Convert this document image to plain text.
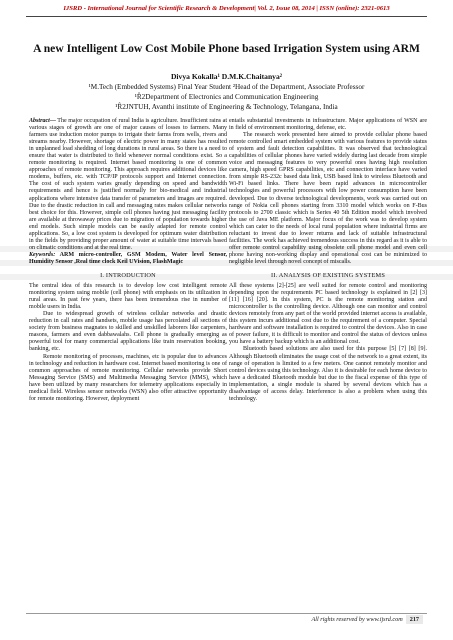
IJSRD - International Journal for Scientific Research & Development| Vol. 2, Issue 08, 2014 | ISSN (online): 2321-0613
A new Intelligent Low Cost Mobile Phone based Irrigation System using ARM
Divya Kokalla¹ D.M.K.Chaitanya²
¹M.Tech (Embedded Systems) Final Year Student ²Head of the Department, Associate Professor
¹Ȓ2Department of Electronics and Communication Engineering
¹Ȓ2JNTUH, Avanthi institute of Engineering & Technology, Telangana, India

Abstract— The major occupation of rural India is agriculture. Insufficient rains at various stages of growth are one of major causes of losses to farmers. Many farmers use induction motor pumps to irrigate their farms from wells, rivers and streams nearby. However, shortage of electric power in many states has resulted in unplanned load shedding of long durations in rural areas. So there is a need to ensure that water is distributed to field whenever normal conditions exist. So a remote monitoring is required. Internet based monitoring is one of common approaches of remote monitoring. This approach requires additional devices like modems, buffers, etc. with TCP/IP protocols support and Internet connection. The cost of such system varies greatly depending on speed and bandwidth requirements and hence is justified normally for bio-medical and industrial applications where intensive data transfer of parameters and images are required. Due to the drastic reduction in call and messaging rates makes cellular networks best choice for this. However, simple cell phones having just messaging facility are available at throwaway prices due to migration of population towards higher end models. Such simple models can be easily adapted for remote control applications. So, a low cost system is developed for optimum water distribution in the fields by providing proper amount of water at suitable time intervals based on climatic conditions and at the real time.

Keywords: ARM micro-controller, GSM Modem, Water level Sensor, Humidity Sensor ,Real time clock Keil UVision, FlashMagic

I. INTRODUCTION

The central idea of this research is to develop low cost intelligent remote monitoring system using mobile (cell phone) with emphasis on its utilization in rural areas. In past few years, there has been tremendous rise in number of mobile users in India.

Due to widespread growth of wireless cellular networks and drastic reduction in call rates and handsets, mobile usage has percolated all sections of society from business magnates to skilled and unskilled laborers like carpenters, masons, farmers and even dabbawalahs. Cell phone is gradually emerging as powerful tool for many commercial applications like train reservation booking, banking, etc.

Remote monitoring of processes, machines, etc is popular due to advances in technology and reduction in hardware cost. Internet based monitoring is one of common approaches of remote monitoring. Cellular networks provide Short Messaging Service (SMS) and Multimedia Messaging Service (MMS), which have been utilized by many researchers for telemetry applications especially in medical field. Wireless sensor networks (WSN) also offer attractive opportunity for remote monitoring. However, deployment

entails substantial investments in infrastructure. Major applications of WSN are in field of environment monitoring, defense, etc.

The research work presented here aimed to provide cellular phone based remote controlled smart embedded system with various features to provide status of system and fault detection capabilities. It was observed that technological capabilities of cellular phones have varied widely during last decade from simple voice and messaging features to very powerful ones having high resolution camera, high speed GPRS capabilities, etc and connection interface have varied from simple RS-232c based data link, USB based link to wireless Bluetooth and Wi-Fi based links. There have been rapid advances in microcontroller technologies and powerful processors with low power consumption have been developed. Due to diverse technological developments, work was carried out on range of Nokia cell phones starting from 3310 model which works on F-Bus protocols to 2700 classic which is Series 40 5th Edition model which involved the use of Java ME platform. Major focus of the work was to develop system which can cater to the needs of local rural population where industrial firms are reluctant to invest due to lower returns and lack of suitable infrastructural facilities. The work has achieved tremendous success in this regard as it is able to offer remote control capability using obsolete cell phone model and even cell phone having non-working display and operational cost can be minimized to negligible level through novel concept of miscalls.

II. ANALYSIS OF EXISTING SYSTEMS

All these systems [2]-[25] are well suited for remote control and monitoring depending upon the requirements PC based technology is explained in [2] [3] [11] [16] [20]. In this system, PC is the remote monitoring station and microcontroller is the controlling device. Although one can monitor and control devices remotely from any part of the world provided internet access is available, this system incurs additional cost due to the requirement of a computer. Special hardware and software installation is required to control the devices. Also in case of power failure, it is difficult to monitor and control the status of devices unless you have a battery backup which is an additional cost.

Bluetooth based solutions are also used for this purpose [5] [7] [8] [9]. Although Bluetooth eliminates the usage cost of the network to a great extent, its range of operation is limited to a few meters. One cannot remotely monitor and control devices using this technology. Also it is desirable for each home device to have a dedicated Bluetooth module but due to the fiscal expense of this type of implementation, a single module is shared by several devices which has a disadvantage of access delay. Interference is also a problem when using this technology.

All rights reserved by www.ijsrd.com 217
